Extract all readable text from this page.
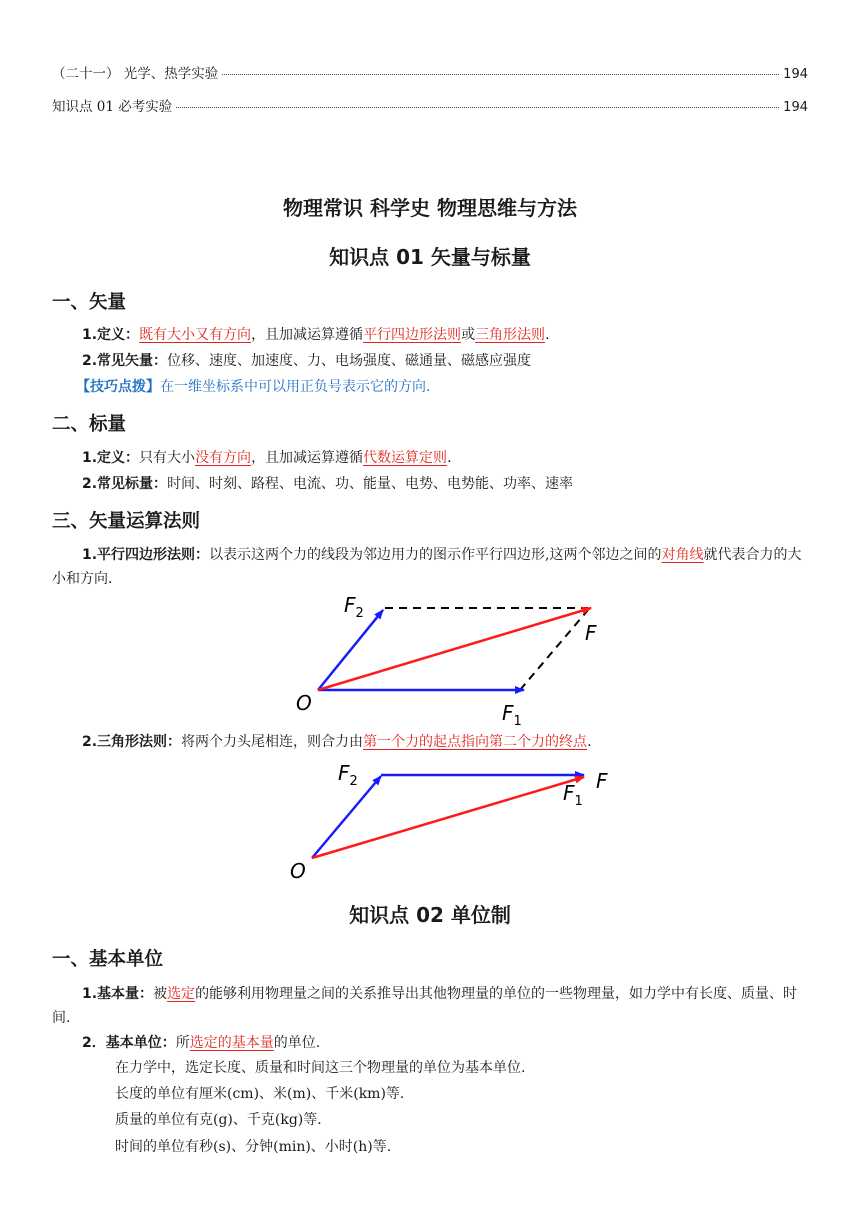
（二十一） 光学、热学实验	194
知识点 01 必考实验	194
物理常识 科学史 物理思维与方法
知识点 01 矢量与标量
一、矢量
1.定义：既有大小又有方向，且加减运算遵循平行四边形法则或三角形法则.
2.常见矢量：位移、速度、加速度、力、电场强度、磁通量、磁感应强度
【技巧点拨】在一维坐标系中可以用正负号表示它的方向.
二、标量
1.定义：只有大小没有方向，且加减运算遵循代数运算定则.
2.常见标量：时间、时刻、路程、电流、功、能量、电势、电势能、功率、速率
三、矢量运算法则
1.平行四边形法则：以表示这两个力的线段为邻边用力的图示作平行四边形,这两个邻边之间的对角线就代表合力的大小和方向.
O	$F_1$
$F_2$
F
2.三角形法则：将两个力头尾相连，则合力由第一个力的起点指向第二个力的终点.
O
$F_2$	$F_1$
F
知识点 02 单位制
一、基本单位
1.基本量：被选定的能够利用物理量之间的关系推导出其他物理量的单位的一些物理量，如力学中有长度、质量、时间.
2．基本单位：所选定的基本量的单位.
在力学中，选定长度、质量和时间这三个物理量的单位为基本单位.
长度的单位有厘米(cm)、米(m)、千米(km)等.
质量的单位有克(g)、千克(kg)等.
时间的单位有秒(s)、分钟(min)、小时(h)等.
